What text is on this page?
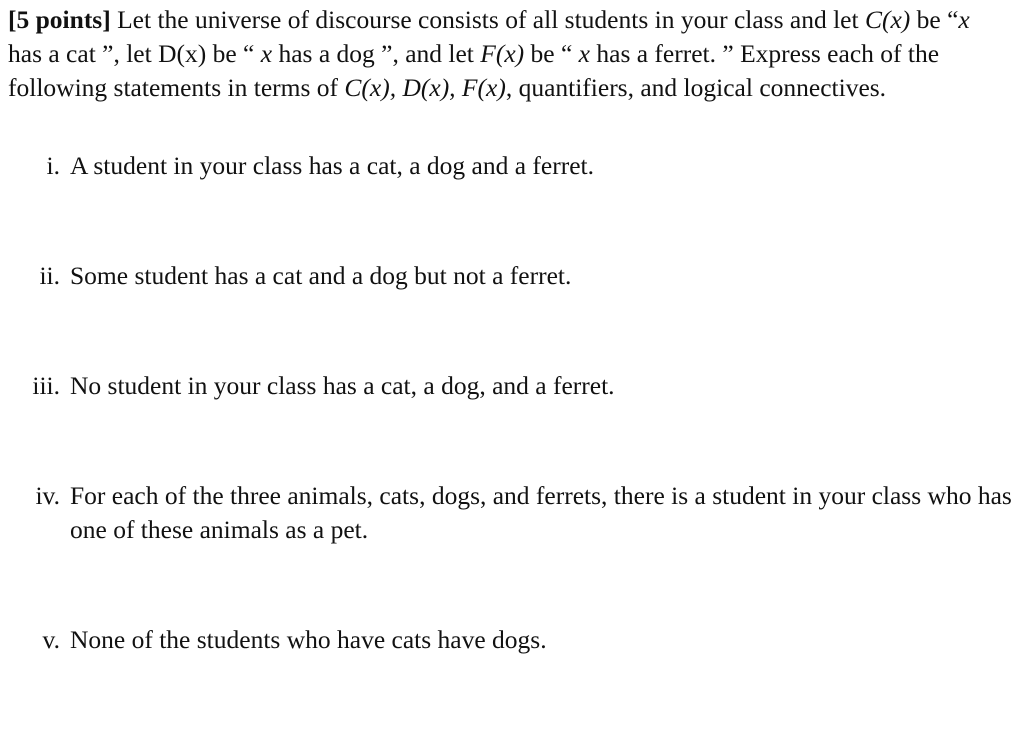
[5 points] Let the universe of discourse consists of all students in your class and let C(x) be “x has a cat ”, let D(x) be “ x has a dog ”, and let F(x) be “ x has a ferret. ” Express each of the following statements in terms of C(x), D(x), F(x), quantifiers, and logical connectives.
i. A student in your class has a cat, a dog and a ferret.
ii. Some student has a cat and a dog but not a ferret.
iii. No student in your class has a cat, a dog, and a ferret.
iv. For each of the three animals, cats, dogs, and ferrets, there is a student in your class who has one of these animals as a pet.
v. None of the students who have cats have dogs.
